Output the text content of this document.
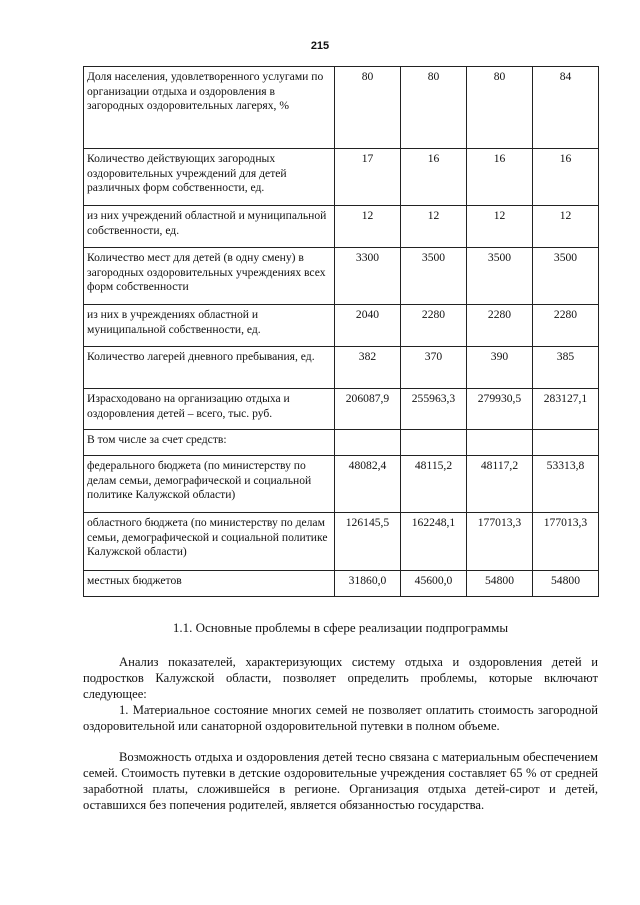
215
Доля населения, удовлетворенного услугами по организации отдыха и оздоровления в загородных оздоровительных лагерях, %	80	80	80	84
Количество действующих загородных оздоровительных учреждений для детей различных форм собственности, ед.	17	16	16	16
из них учреждений областной и муниципальной собственности, ед.	12	12	12	12
Количество мест для детей (в одну смену) в загородных оздоровительных учреждениях всех форм собственности	3300	3500	3500	3500
из них в учреждениях областной и муниципальной собственности, ед.	2040	2280	2280	2280
Количество лагерей дневного пребывания, ед.	382	370	390	385
Израсходовано на организацию отдыха и оздоровления детей – всего, тыс. руб.	206087,9	255963,3	279930,5	283127,1
В том числе за счет средств:				
федерального бюджета (по министерству по делам семьи, демографической и социальной политике Калужской области)	48082,4	48115,2	48117,2	53313,8
областного бюджета (по министерству по делам семьи, демографической и социальной политике Калужской области)	126145,5	162248,1	177013,3	177013,3
местных бюджетов	31860,0	45600,0	54800	54800
1.1. Основные проблемы в сфере реализации подпрограммы

Анализ показателей, характеризующих систему отдыха и оздоровления детей и подростков Калужской области, позволяет определить проблемы, которые включают следующее:

1. Материальное состояние многих семей не позволяет оплатить стоимость загородной оздоровительной или санаторной оздоровительной путевки в полном объеме.

Возможность отдыха и оздоровления детей тесно связана с материальным обеспечением семей. Стоимость путевки в детские оздоровительные учреждения составляет 65 % от средней заработной платы, сложившейся в регионе. Организация отдыха детей-сирот и детей, оставшихся без попечения родителей, является обязанностью государства.
